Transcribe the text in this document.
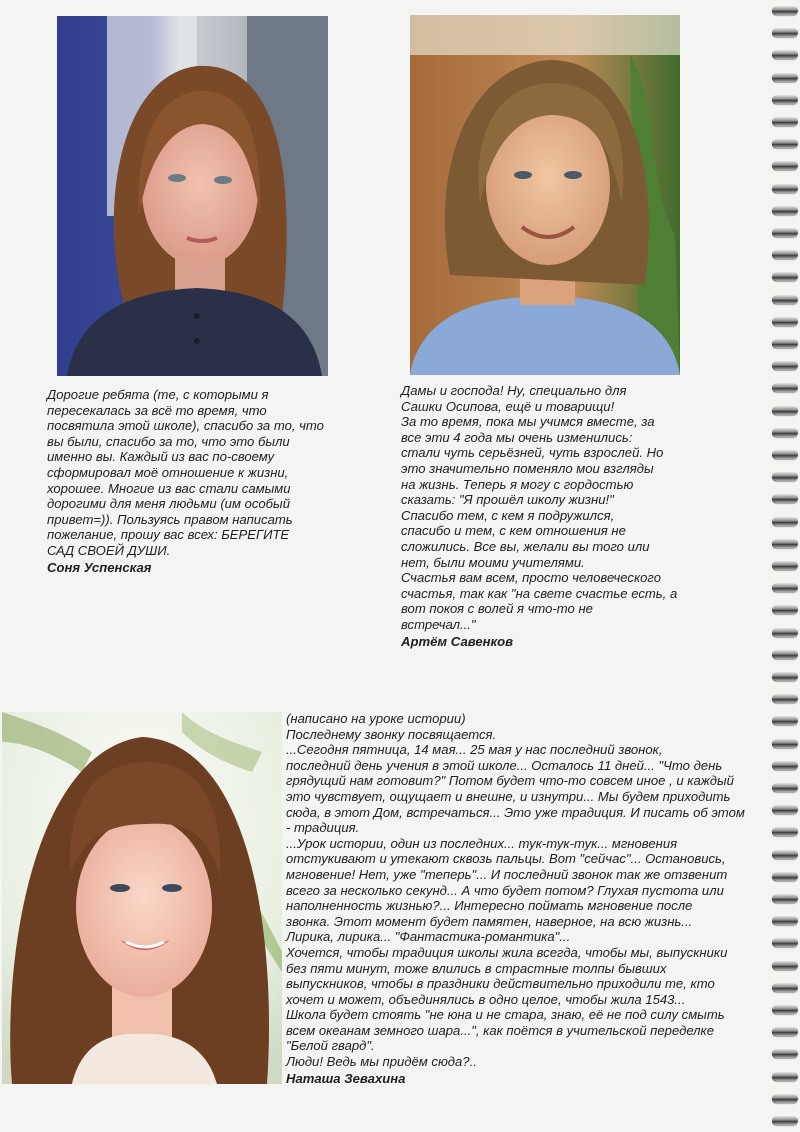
Дорогие ребята (те, с которыми я
пересекалась за всё то время, что
посвятила этой школе), спасибо за то, что
вы были, спасибо за то, что это были
именно вы. Каждый из вас по-своему
сформировал моё отношение к жизни,
хорошее. Многие из вас стали самыми
дорогими для меня людьми (им особый
привет=)). Пользуясь правом написать
пожелание, прошу вас всех: БЕРЕГИТЕ
САД СВОЕЙ ДУШИ.
Соня Успенская
Дамы и господа! Ну, специально для
Сашки Осипова, ещё и товарищи!
За то время, пока мы учимся вместе, за
все эти 4 года мы очень изменились:
стали чуть серьёзней, чуть взрослей. Но
это значительно поменяло мои взгляды
на жизнь. Теперь я могу с гордостью
сказать: "Я прошёл школу жизни!"
Спасибо тем, с кем я подружился,
спасибо и тем, с кем отношения не
сложились. Все вы, желали вы того или
нет, были моими учителями.
Счастья вам всем, просто человеческого
счастья, так как "на свете счастье есть, а
вот покоя с волей я что-то не
встречал..."
Артём Савенков
(написано на уроке истории)
Последнему звонку посвящается.
...Сегодня пятница, 14 мая... 25 мая у нас последний звонок,
последний день учения в этой школе... Осталось 11 дней... "Что день
грядущий нам готовит?" Потом будет что-то совсем иное , и каждый
это чувствует, ощущает и внешне, и изнутри... Мы будем приходить
сюда, в этот Дом, встречаться... Это уже традиция. И писать об этом
- традиция.
...Урок истории, один из последних... тук-тук-тук... мгновения
отстукивают и утекают сквозь пальцы. Вот "сейчас"... Остановись,
мгновение! Нет, уже "теперь"... И последний звонок так же отзвенит
всего за несколько секунд... А что будет потом? Глухая пустота или
наполненность жизнью?... Интересно поймать мгновение после
звонка. Этот момент будет памятен, наверное, на всю жизнь...
Лирика, лирика... "Фантастика-романтика"...
Хочется, чтобы традиция школы жила всегда, чтобы мы, выпускники
без пяти минут, тоже влились в страстные толпы бывших
выпускников, чтобы в праздники действительно приходили те, кто
хочет и может, объединялись в одно целое, чтобы жила 1543...
Школа будет стоять "не юна и не стара, знаю, её не под силу смыть
всем океанам земного шара...", как поётся в учительской переделке
"Белой гвард".
Люди! Ведь мы придём сюда?..
Наташа Зевахина
